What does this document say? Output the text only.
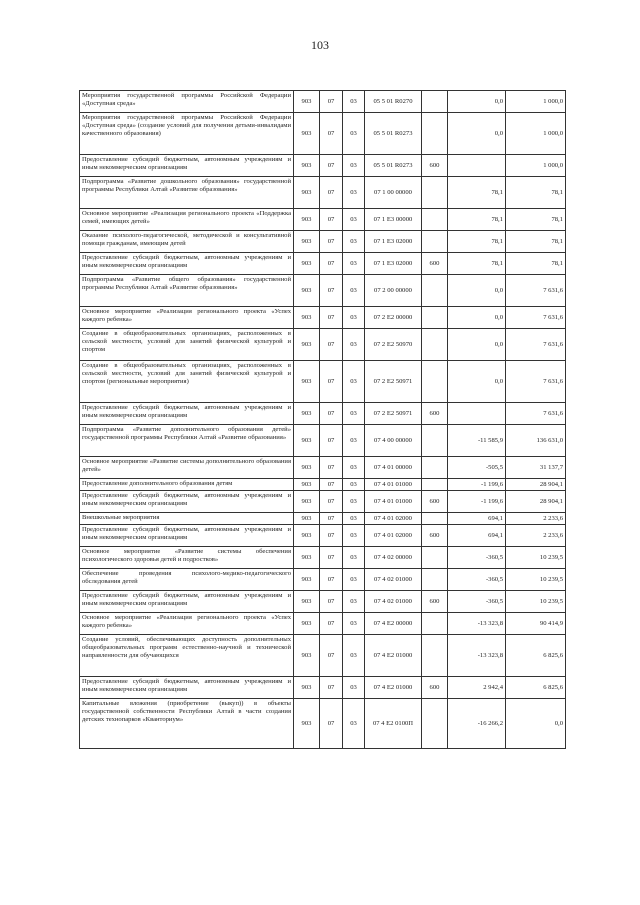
103
Мероприятия государственной программы Российской Федерации «Доступная среда»	903	07	03	05 5 01 R0270		0,0	1 000,0
Мероприятия государственной программы Российской Федерации «Доступная среда» (создание условий для получения детьми-инвалидами качественного образования)	903	07	03	05 5 01 R0273		0,0	1 000,0
Предоставление субсидий бюджетным, автономным учреждениям и иным некоммерческим организациям	903	07	03	05 5 01 R0273	600		1 000,0
Подпрограмма «Развитие дошкольного образования» государственной программы Республики Алтай «Развитие образования»	903	07	03	07 1 00 00000		78,1	78,1
Основное мероприятие «Реализация регионального проекта «Поддержка семей, имеющих детей»	903	07	03	07 1 E3 00000		78,1	78,1
Оказание психолого-педагогической, методической и консультативной помощи гражданам, имеющим детей	903	07	03	07 1 E3 02000		78,1	78,1
Предоставление субсидий бюджетным, автономным учреждениям и иным некоммерческим организациям	903	07	03	07 1 E3 02000	600	78,1	78,1
Подпрограмма «Развитие общего образования» государственной программы Республики Алтай «Развитие образования»	903	07	03	07 2 00 00000		0,0	7 631,6
Основное мероприятие «Реализация регионального проекта «Успех каждого ребенка»	903	07	03	07 2 E2 00000		0,0	7 631,6
Создание в общеобразовательных организациях, расположенных в сельской местности, условий для занятий физической культурой и спортом	903	07	03	07 2 E2 50970		0,0	7 631,6
Создание в общеобразовательных организациях, расположенных в сельской местности, условий для занятий физической культурой и спортом (региональные мероприятия)	903	07	03	07 2 E2 50971		0,0	7 631,6
Предоставление субсидий бюджетным, автономным учреждениям и иным некоммерческим организациям	903	07	03	07 2 E2 50971	600		7 631,6
Подпрограмма «Развитие дополнительного образования детей» государственной программы Республики Алтай «Развитие образования»	903	07	03	07 4 00 00000		-11 585,9	136 631,0
Основное мероприятие «Развитие системы дополнительного образования детей»	903	07	03	07 4 01 00000		-505,5	31 137,7
Предоставление дополнительного образования детям	903	07	03	07 4 01 01000		-1 199,6	28 904,1
Предоставление субсидий бюджетным, автономным учреждениям и иным некоммерческим организациям	903	07	03	07 4 01 01000	600	-1 199,6	28 904,1
Внешкольные мероприятия	903	07	03	07 4 01 02000		694,1	2 233,6
Предоставление субсидий бюджетным, автономным учреждениям и иным некоммерческим организациям	903	07	03	07 4 01 02000	600	694,1	2 233,6
Основное мероприятие «Развитие системы обеспечения психологического здоровья детей и подростков»	903	07	03	07 4 02 00000		-360,5	10 239,5
Обеспечение проведения психолого-медико-педагогического обследования детей	903	07	03	07 4 02 01000		-360,5	10 239,5
Предоставление субсидий бюджетным, автономным учреждениям и иным некоммерческим организациям	903	07	03	07 4 02 01000	600	-360,5	10 239,5
Основное мероприятие «Реализация регионального проекта «Успех каждого ребенка»	903	07	03	07 4 E2 00000		-13 323,8	90 414,9
Создание условий, обеспечивающих доступность дополнительных общеобразовательных программ естественно-научной и технической направленности для обучающихся	903	07	03	07 4 E2 01000		-13 323,8	6 825,6
Предоставление субсидий бюджетным, автономным учреждениям и иным некоммерческим организациям	903	07	03	07 4 E2 01000	600	2 942,4	6 825,6
Капитальные вложения (приобретение (выкуп)) в объекты государственной собственности Республики Алтай в части создания детских технопарков «Кванториум»	903	07	03	07 4 E2 0100П		-16 266,2	0,0
